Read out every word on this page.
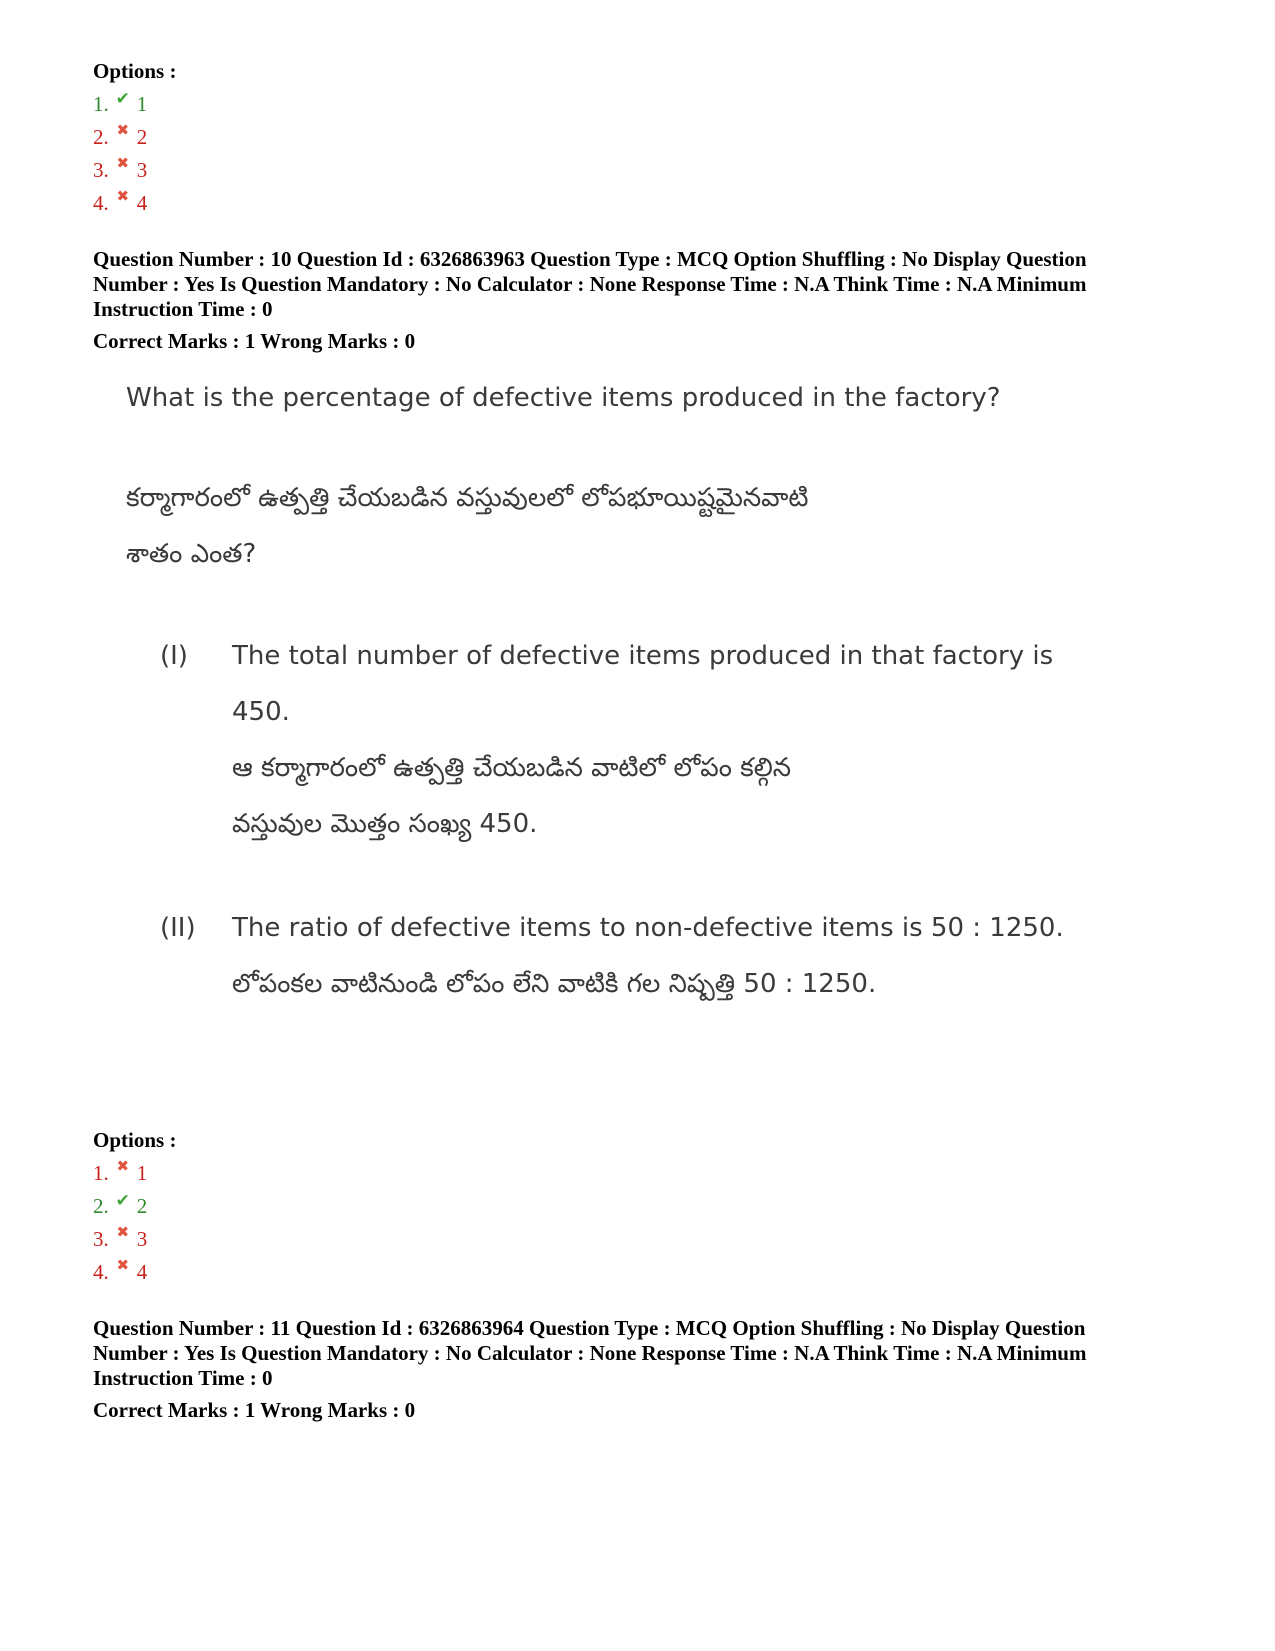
Options :
1. ✔ 1
2. ✖ 2
3. ✖ 3
4. ✖ 4
Question Number : 10 Question Id : 6326863963 Question Type : MCQ Option Shuffling : No Display Question
Number : Yes Is Question Mandatory : No Calculator : None Response Time : N.A Think Time : N.A Minimum
Instruction Time : 0
Correct Marks : 1 Wrong Marks : 0
What is the percentage of defective items produced in the factory?
కర్మాగారంలో ఉత్పత్తి చేయబడిన వస్తువులలో లోపభూయిష్టమైనవాటి
శాతం ఎంత?
(I) The total number of defective items produced in that factory is
450.
ఆ కర్మాగారంలో ఉత్పత్తి చేయబడిన వాటిలో లోపం కల్గిన
వస్తువుల మొత్తం సంఖ్య 450.
(II) The ratio of defective items to non-defective items is 50 : 1250.
లోపంకల వాటినుండి లోపం లేని వాటికి గల నిష్పత్తి 50 : 1250.
Options :
1. ✖ 1
2. ✔ 2
3. ✖ 3
4. ✖ 4
Question Number : 11 Question Id : 6326863964 Question Type : MCQ Option Shuffling : No Display Question
Number : Yes Is Question Mandatory : No Calculator : None Response Time : N.A Think Time : N.A Minimum
Instruction Time : 0
Correct Marks : 1 Wrong Marks : 0
